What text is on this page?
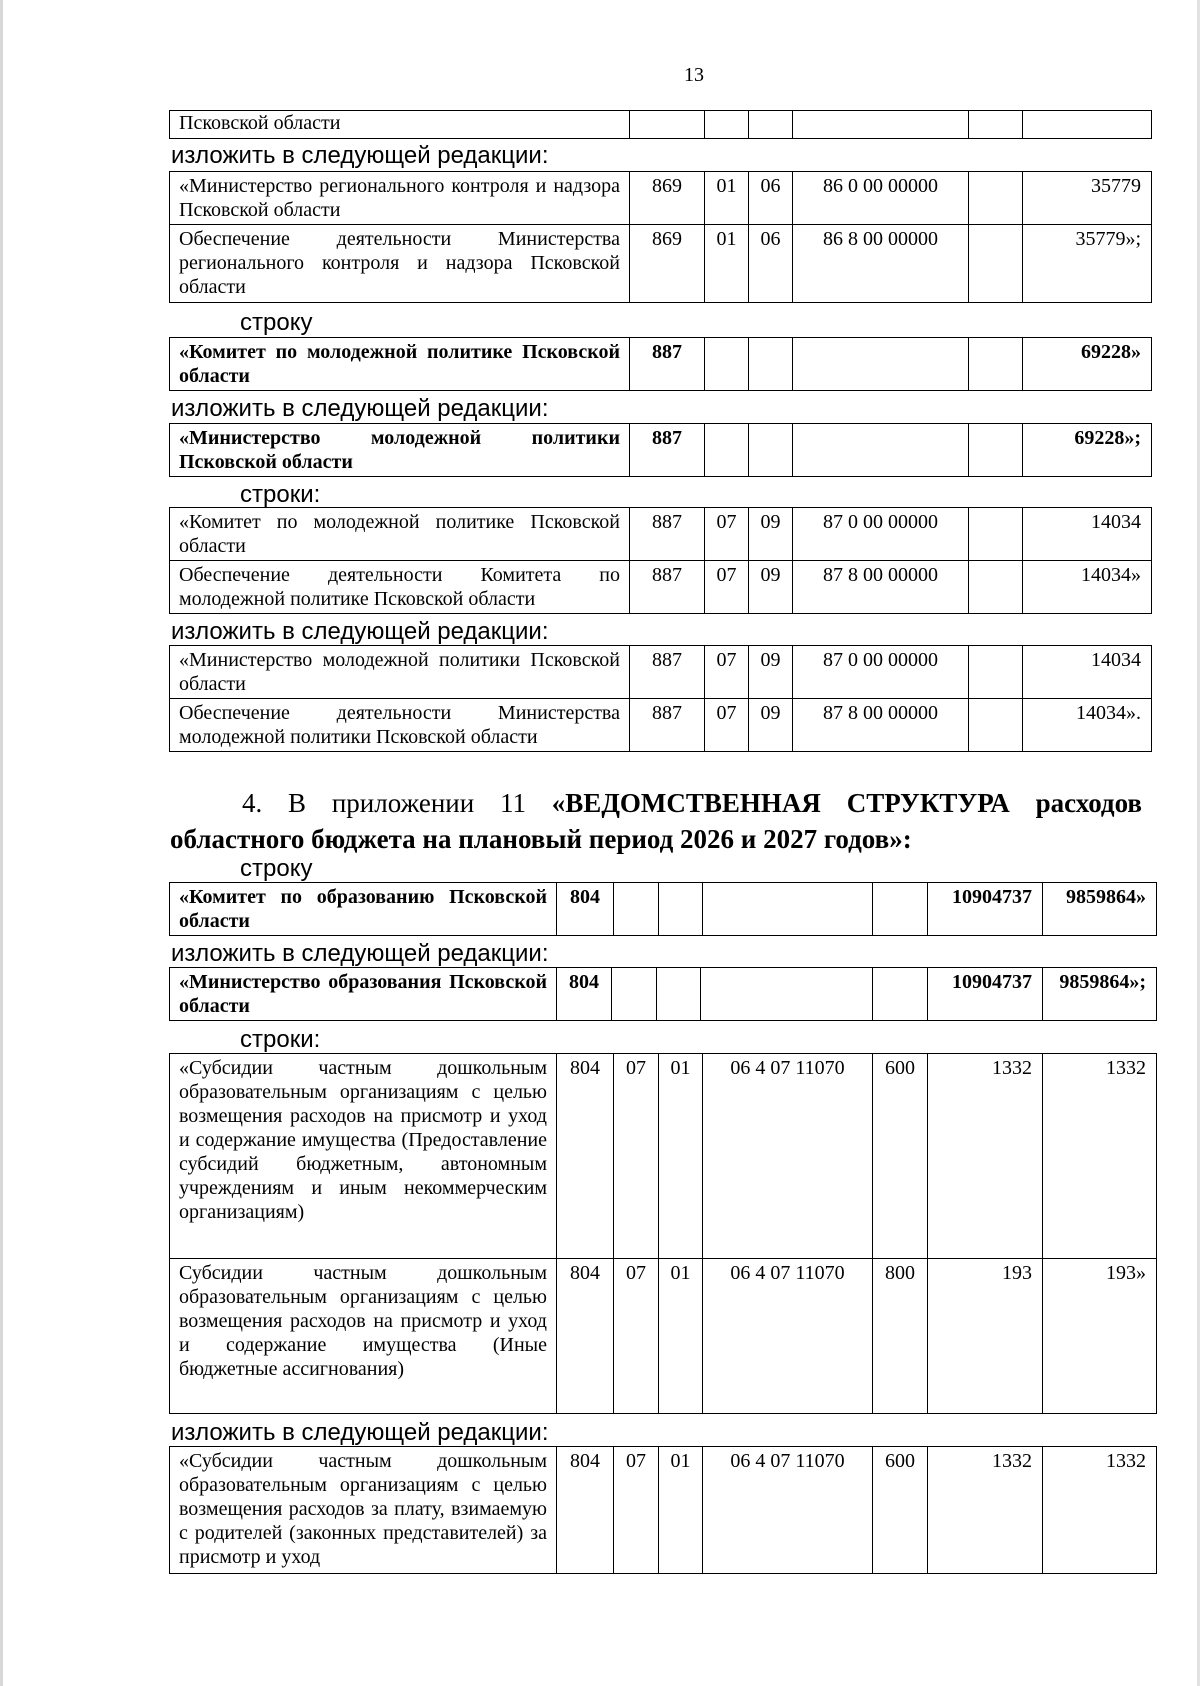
13
Псковской области						
изложить в следующей редакции:
«Министерство регионального контроля и надзора Псковской области	869	01	06	86 0 00 00000		35779
Обеспечение деятельности Министерства регионального контроля и надзора Псковской области	869	01	06	86 8 00 00000		35779»;
строку
«Комитет по молодежной политике Псковской области	887					69228»
изложить в следующей редакции:
«Министерство молодежной политики Псковской области	887					69228»;
строки:
«Комитет по молодежной политике Псковской области	887	07	09	87 0 00 00000		14034
Обеспечение деятельности Комитета по молодежной политике Псковской области	887	07	09	87 8 00 00000		14034»
изложить в следующей редакции:
«Министерство молодежной политики Псковской области	887	07	09	87 0 00 00000		14034
Обеспечение деятельности Министерства молодежной политики Псковской области	887	07	09	87 8 00 00000		14034».
4. В приложении 11 «ВЕДОМСТВЕННАЯ СТРУКТУРА расходов областного бюджета на плановый период 2026 и 2027 годов»:
строку
«Комитет по образованию Псковской области	804					10904737	9859864»
изложить в следующей редакции:
«Министерство образования Псковской области	804					10904737	9859864»;
строки:
«Субсидии частным дошкольным образовательным организациям с целью возмещения расходов на присмотр и уход и содержание имущества (Предоставление субсидий бюджетным, автономным учреждениям и иным некоммерческим организациям)	804	07	01	06 4 07 11070	600	1332	1332
Субсидии частным дошкольным образовательным организациям с целью возмещения расходов на присмотр и уход и содержание имущества (Иные бюджетные ассигнования)	804	07	01	06 4 07 11070	800	193	193»
изложить в следующей редакции:
«Субсидии частным дошкольным образовательным организациям с целью возмещения расходов за плату, взимаемую с родителей (законных представителей) за присмотр и уход	804	07	01	06 4 07 11070	600	1332	1332
